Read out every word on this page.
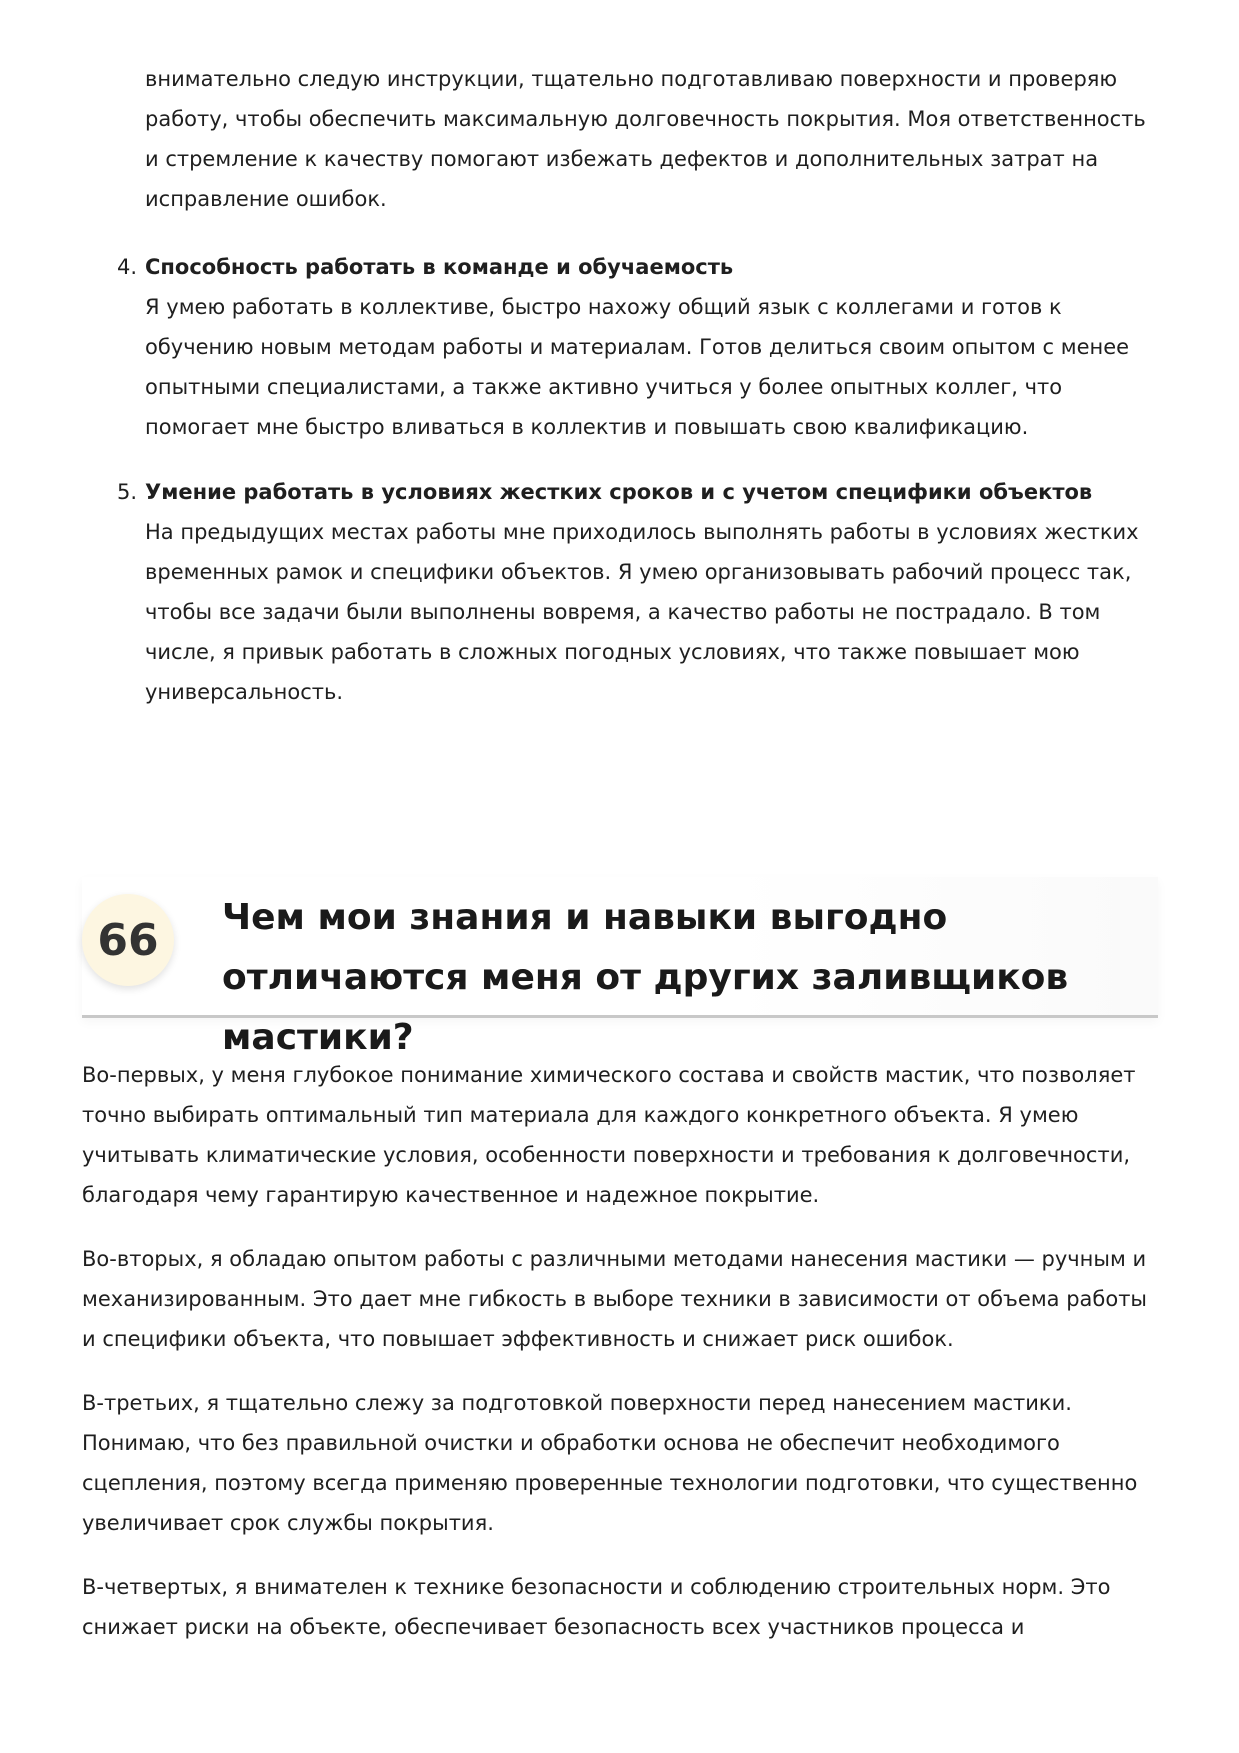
внимательно следую инструкции, тщательно подготавливаю поверхности и проверяю работу, чтобы обеспечить максимальную долговечность покрытия. Моя ответственность и стремление к качеству помогают избежать дефектов и дополнительных затрат на исправление ошибок.

4. Способность работать в команде и обучаемость
Я умею работать в коллективе, быстро нахожу общий язык с коллегами и готов к обучению новым методам работы и материалам. Готов делиться своим опытом с менее опытными специалистами, а также активно учиться у более опытных коллег, что помогает мне быстро вливаться в коллектив и повышать свою квалификацию.
5. Умение работать в условиях жестких сроков и с учетом специфики объектов
На предыдущих местах работы мне приходилось выполнять работы в условиях жестких временных рамок и специфики объектов. Я умею организовывать рабочий процесс так, чтобы все задачи были выполнены вовремя, а качество работы не пострадало. В том числе, я привык работать в сложных погодных условиях, что также повышает мою универсальность.
66	Чем мои знания и навыки выгодно отличаются меня от других заливщиков мастики?

Во-первых, у меня глубокое понимание химического состава и свойств мастик, что позволяет точно выбирать оптимальный тип материала для каждого конкретного объекта. Я умею учитывать климатические условия, особенности поверхности и требования к долговечности, благодаря чему гарантирую качественное и надежное покрытие.

Во-вторых, я обладаю опытом работы с различными методами нанесения мастики — ручным и механизированным. Это дает мне гибкость в выборе техники в зависимости от объема работы и специфики объекта, что повышает эффективность и снижает риск ошибок.

В-третьих, я тщательно слежу за подготовкой поверхности перед нанесением мастики. Понимаю, что без правильной очистки и обработки основа не обеспечит необходимого сцепления, поэтому всегда применяю проверенные технологии подготовки, что существенно увеличивает срок службы покрытия.

В-четвертых, я внимателен к технике безопасности и соблюдению строительных норм. Это снижает риски на объекте, обеспечивает безопасность всех участников процесса и
